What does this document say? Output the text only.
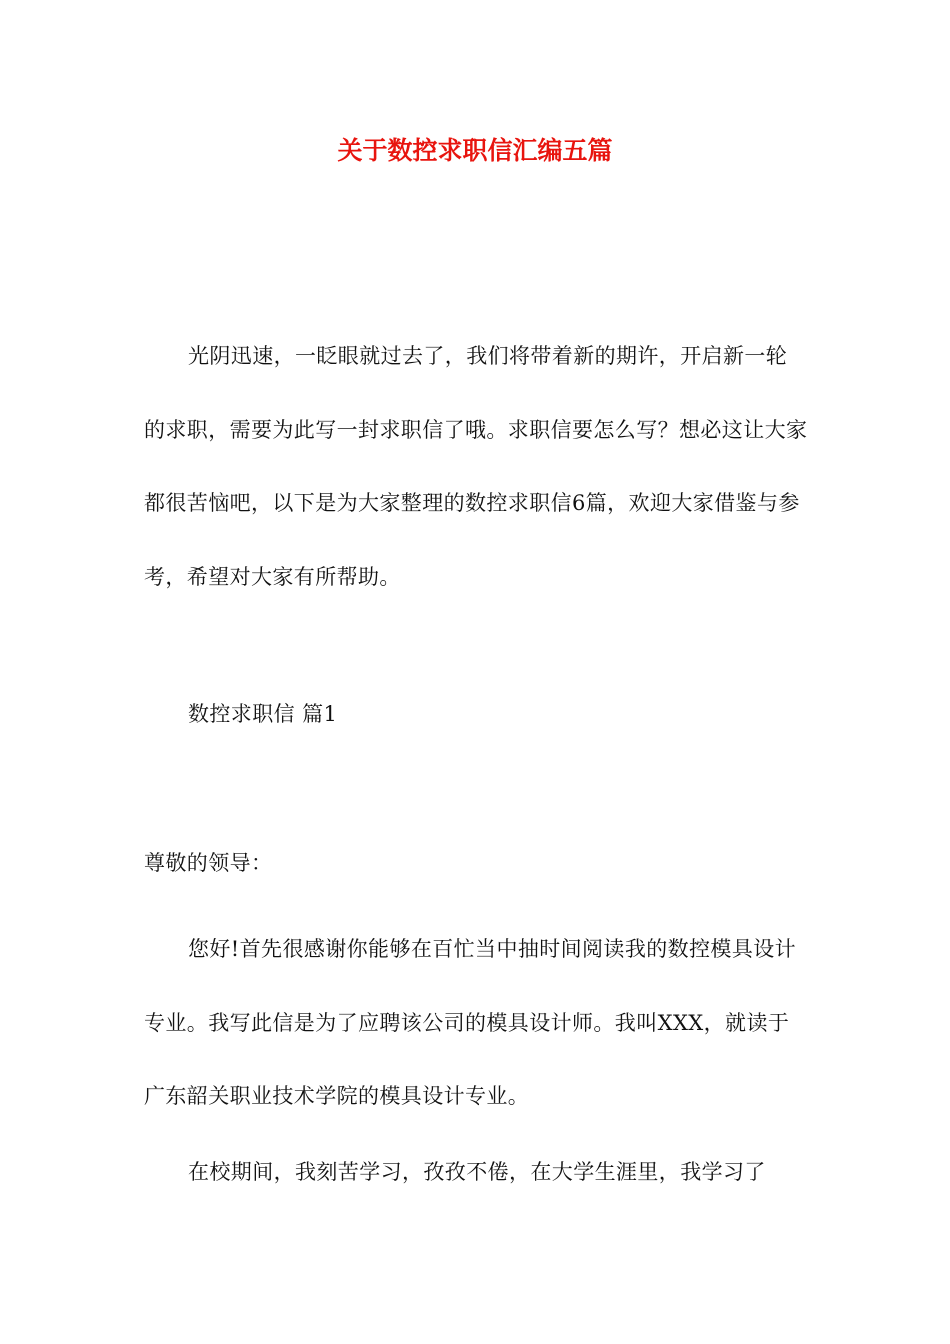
关于数控求职信汇编五篇

光阴迅速，一眨眼就过去了，我们将带着新的期许，开启新一轮的求职，需要为此写一封求职信了哦。求职信要怎么写？想必这让大家都很苦恼吧，以下是为大家整理的数控求职信6篇，欢迎大家借鉴与参考，希望对大家有所帮助。

数控求职信 篇1

尊敬的领导：

您好!首先很感谢你能够在百忙当中抽时间阅读我的数控模具设计专业。我写此信是为了应聘该公司的模具设计师。我叫XXX，就读于广东韶关职业技术学院的模具设计专业。

在校期间，我刻苦学习，孜孜不倦，在大学生涯里，我学习了
